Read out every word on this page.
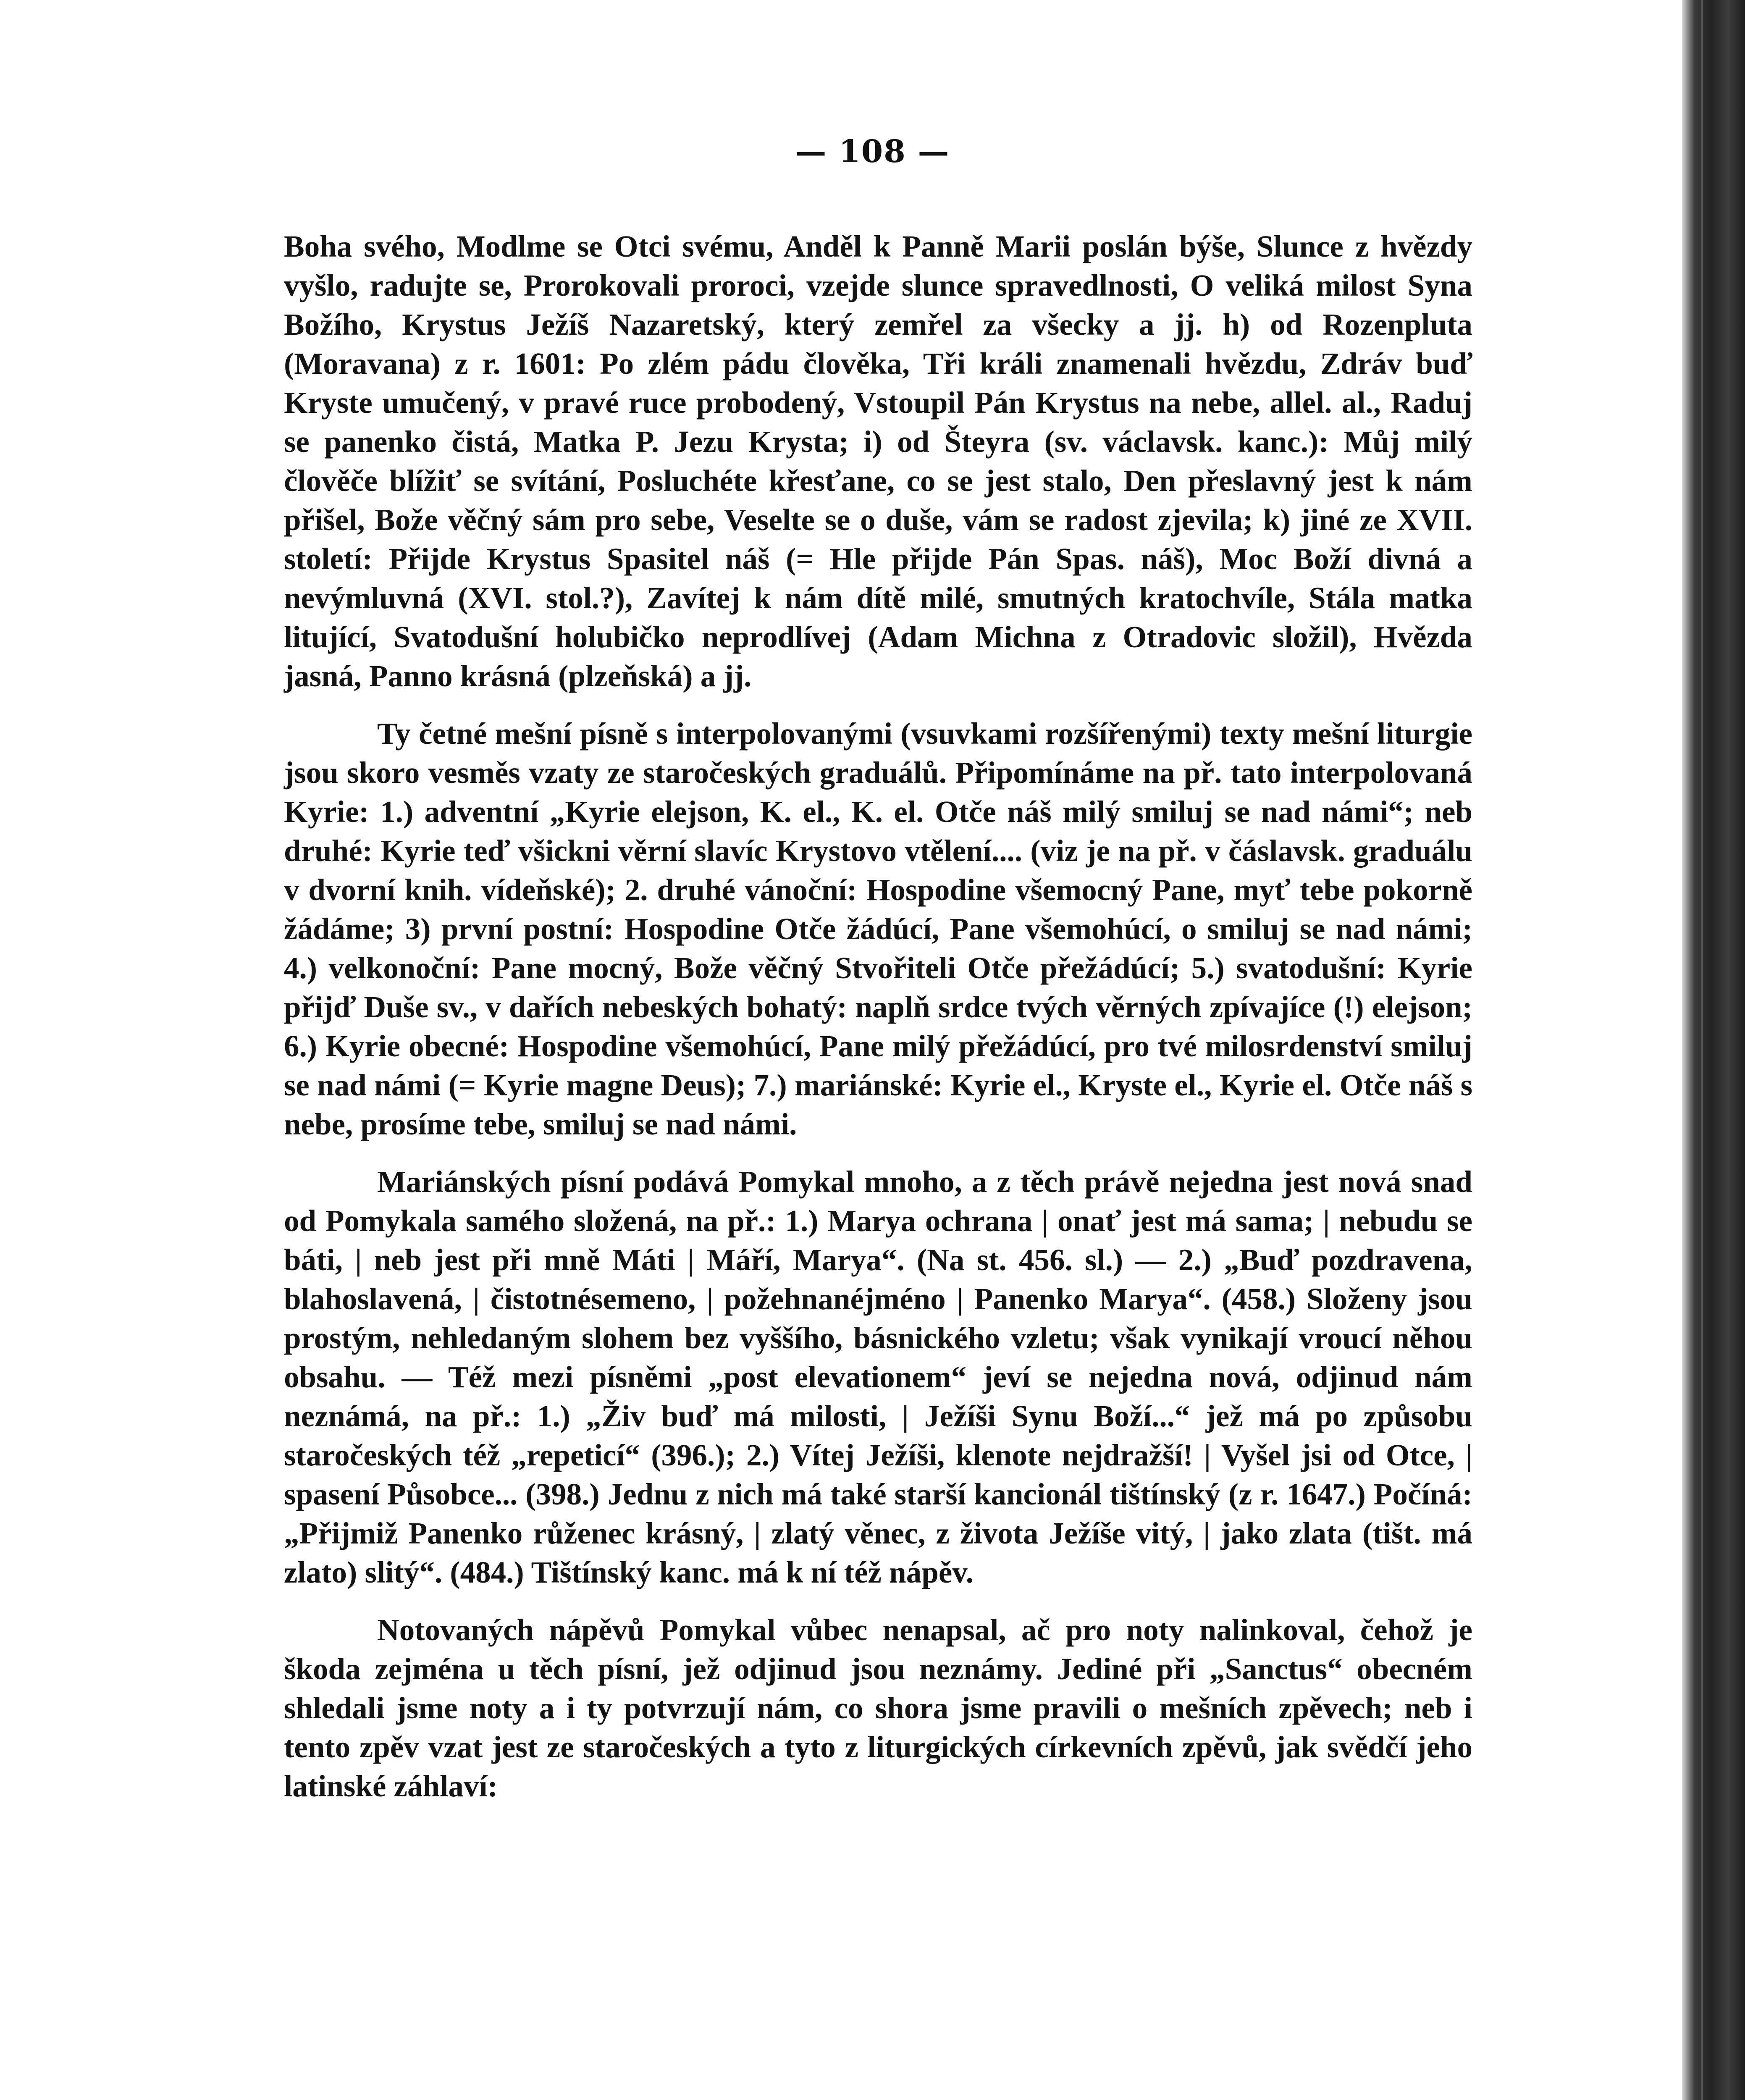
— 108 —

Boha svého, Modlme se Otci svému, Anděl k Panně Marii poslán býše, Slunce z hvězdy vyšlo, radujte se, Prorokovali proroci, vzejde slunce spravedlnosti, O veliká milost Syna Božího, Krystus Ježíš Nazaretský, který zemřel za všecky a jj. h) od Rozenpluta (Moravana) z r. 1601: Po zlém pádu člověka, Tři králi znamenali hvězdu, Zdráv buď Kryste umučený, v pravé ruce probodený, Vstoupil Pán Krystus na nebe, allel. al., Raduj se panenko čistá, Matka P. Jezu Krysta; i) od Šteyra (sv. václavsk. kanc.): Můj milý člověče blížiť se svítání, Posluchéte křesťane, co se jest stalo, Den přeslavný jest k nám přišel, Bože věčný sám pro sebe, Veselte se o duše, vám se radost zjevila; k) jiné ze XVII. století: Přijde Krystus Spasitel náš (= Hle přijde Pán Spas. náš), Moc Boží divná a nevýmluvná (XVI. stol.?), Zavítej k nám dítě milé, smutných kratochvíle, Stála matka litující, Svatodušní holubičko neprodlívej (Adam Michna z Otradovic složil), Hvězda jasná, Panno krásná (plzeňská) a jj.

Ty četné mešní písně s interpolovanými (vsuvkami rozšířenými) texty mešní liturgie jsou skoro vesměs vzaty ze staročeských graduálů. Připomínáme na př. tato interpolovaná Kyrie: 1.) adventní „Kyrie elejson, K. el., K. el. Otče náš milý smiluj se nad námi“; neb druhé: Kyrie teď všicknі věrní slavíc Krystovo vtělení.... (viz je na př. v čáslavsk. graduálu v dvorní knih. vídeňské); 2. druhé vánoční: Hospodine všemocný Pane, myť tebe pokorně žádáme; 3) první postní: Hospodine Otče žádúcí, Pane všemohúcí, o smiluj se nad námi; 4.) velkonoční: Pane mocný, Bože věčný Stvořiteli Otče přežádúcí; 5.) svatodušní: Kyrie přijď Duše sv., v dařích nebeských bohatý: naplň srdce tvých věrných zpívajíce (!) elejson; 6.) Kyrie obecné: Hospodine všemohúcí, Pane milý přežádúcí, pro tvé milosrdenství smiluj se nad námi (= Kyrie magne Deus); 7.) mariánské: Kyrie el., Kryste el., Kyrie el. Otče náš s nebe, prosíme tebe, smiluj se nad námi.

Mariánských písní podává Pomykal mnoho, a z těch právě nejedna jest nová snad od Pomykala samého složená, na př.: 1.) Marya ochrana | onať jest má sama; | nebudu se báti, | neb jest při mně Máti | Máří, Marya“. (Na st. 456. sl.) — 2.) „Buď pozdravena, blahoslavená, | čistotnésemeno, | požehnanéjméno | Panenko Marya“. (458.) Složeny jsou prostým, nehledaným slohem bez vyššího, básnického vzletu; však vynikají vroucí něhou obsahu. — Též mezi písněmi „post elevationem“ jeví se nejedna nová, odjinud nám neznámá, na př.: 1.) „Živ buď má milosti, | Ježíši Synu Boží...“ jež má po způsobu staročeských též „repeticí“ (396.); 2.) Vítej Ježíši, klenote nejdražší! | Vyšel jsi od Otce, | spasení Působce... (398.) Jednu z nich má také starší kancionál tištínský (z r. 1647.) Počíná: „Přijmiž Panenko růženec krásný, | zlatý věnec, z života Ježíše vitý, | jako zlata (tišt. má zlato) slitý“. (484.) Tištínský kanc. má k ní též nápěv.

Notovaných nápěvů Pomykal vůbec nenapsal, ač pro noty nalinkoval, čehož je škoda zejména u těch písní, jež odjinud jsou neznámy. Jediné při „Sanctus“ obecném shledali jsme noty a i ty potvrzují nám, co shora jsme pravili o mešních zpěvech; neb i tento zpěv vzat jest ze staročeských a tyto z liturgických církevních zpěvů, jak svědčí jeho latinské záhlaví:
